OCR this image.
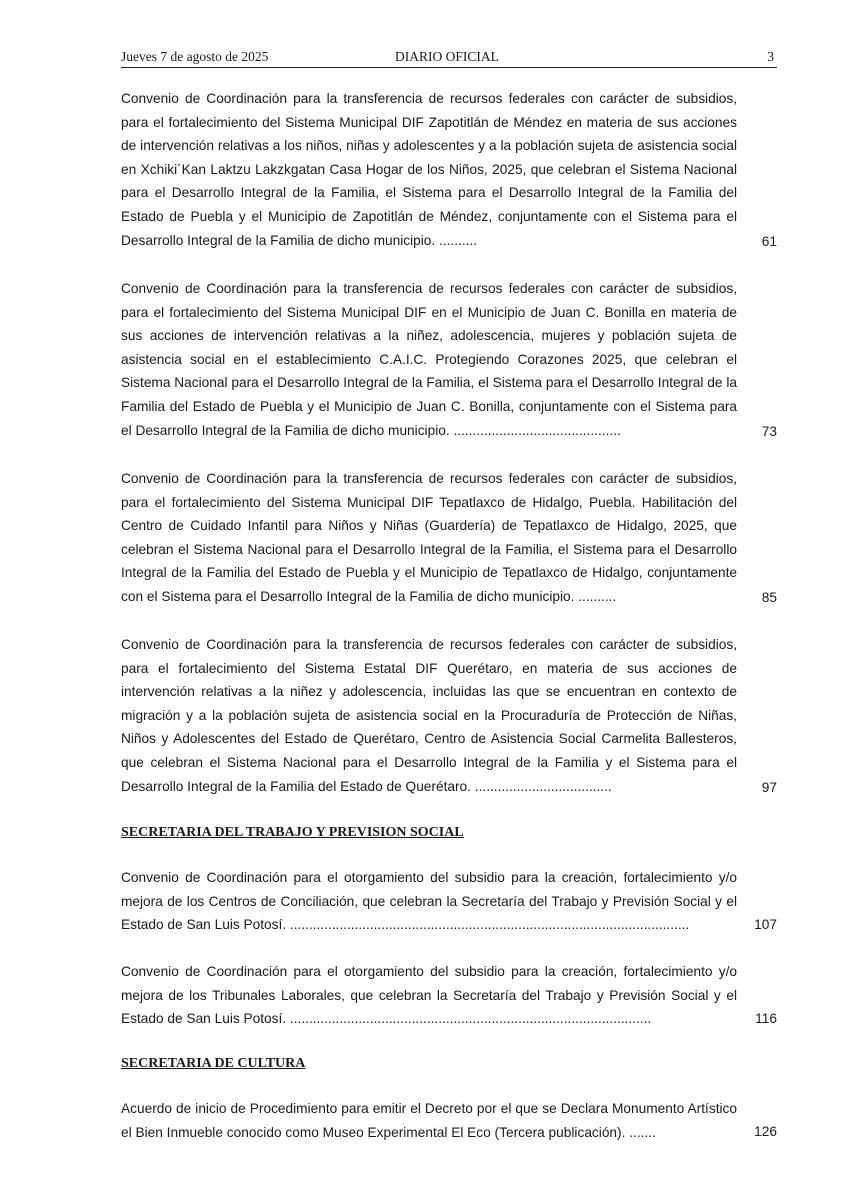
Jueves 7 de agosto de 2025	DIARIO OFICIAL	3
Convenio de Coordinación para la transferencia de recursos federales con carácter de subsidios, para el fortalecimiento del Sistema Municipal DIF Zapotitlán de Méndez en materia de sus acciones de intervención relativas a los niños, niñas y adolescentes y a la población sujeta de asistencia social en Xchiki´Kan Laktzu Lakzkgatan Casa Hogar de los Niños, 2025, que celebran el Sistema Nacional para el Desarrollo Integral de la Familia, el Sistema para el Desarrollo Integral de la Familia del Estado de Puebla y el Municipio de Zapotitlán de Méndez, conjuntamente con el Sistema para el Desarrollo Integral de la Familia de dicho municipio. ..........	61
Convenio de Coordinación para la transferencia de recursos federales con carácter de subsidios, para el fortalecimiento del Sistema Municipal DIF en el Municipio de Juan C. Bonilla en materia de sus acciones de intervención relativas a la niñez, adolescencia, mujeres y población sujeta de asistencia social en el establecimiento C.A.I.C. Protegiendo Corazones 2025, que celebran el Sistema Nacional para el Desarrollo Integral de la Familia, el Sistema para el Desarrollo Integral de la Familia del Estado de Puebla y el Municipio de Juan C. Bonilla, conjuntamente con el Sistema para el Desarrollo Integral de la Familia de dicho municipio. ............................................	73
Convenio de Coordinación para la transferencia de recursos federales con carácter de subsidios, para el fortalecimiento del Sistema Municipal DIF Tepatlaxco de Hidalgo, Puebla. Habilitación del Centro de Cuidado Infantil para Niños y Niñas (Guardería) de Tepatlaxco de Hidalgo, 2025, que celebran el Sistema Nacional para el Desarrollo Integral de la Familia, el Sistema para el Desarrollo Integral de la Familia del Estado de Puebla y el Municipio de Tepatlaxco de Hidalgo, conjuntamente con el Sistema para el Desarrollo Integral de la Familia de dicho municipio. ..........	85
Convenio de Coordinación para la transferencia de recursos federales con carácter de subsidios, para el fortalecimiento del Sistema Estatal DIF Querétaro, en materia de sus acciones de intervención relativas a la niñez y adolescencia, incluidas las que se encuentran en contexto de migración y a la población sujeta de asistencia social en la Procuraduría de Protección de Niñas, Niños y Adolescentes del Estado de Querétaro, Centro de Asistencia Social Carmelita Ballesteros, que celebran el Sistema Nacional para el Desarrollo Integral de la Familia y el Sistema para el Desarrollo Integral de la Familia del Estado de Querétaro. ....................................	97
SECRETARIA DEL TRABAJO Y PREVISION SOCIAL
Convenio de Coordinación para el otorgamiento del subsidio para la creación, fortalecimiento y/o mejora de los Centros de Conciliación, que celebran la Secretaría del Trabajo y Previsión Social y el Estado de San Luis Potosí. .........................................................................................................	107
Convenio de Coordinación para el otorgamiento del subsidio para la creación, fortalecimiento y/o mejora de los Tribunales Laborales, que celebran la Secretaría del Trabajo y Previsión Social y el Estado de San Luis Potosí. ...............................................................................................	116
SECRETARIA DE CULTURA
Acuerdo de inicio de Procedimiento para emitir el Decreto por el que se Declara Monumento Artístico el Bien Inmueble conocido como Museo Experimental El Eco (Tercera publicación). .......	126
